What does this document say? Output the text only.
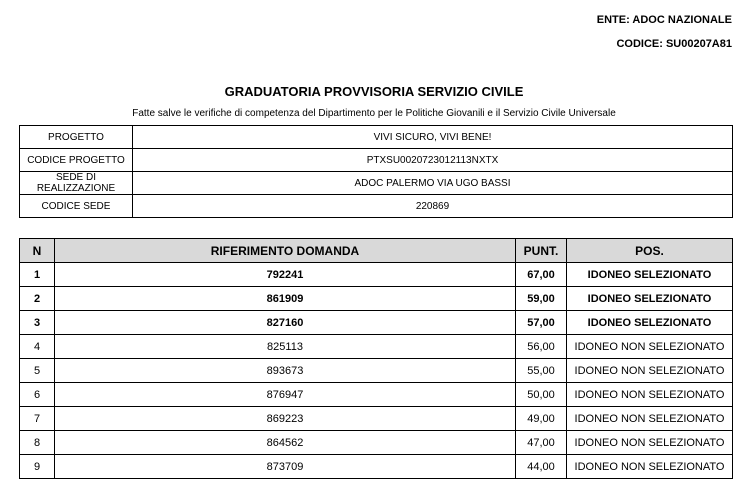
ENTE: ADOC NAZIONALE
CODICE: SU00207A81
GRADUATORIA PROVVISORIA SERVIZIO CIVILE
Fatte salve le verifiche di competenza del Dipartimento per le Politiche Giovanili e il Servizio Civile Universale
PROGETTO	VIVI SICURO, VIVI BENE!
CODICE PROGETTO	PTXSU0020723012113NXTX
SEDE DI REALIZZAZIONE	ADOC PALERMO VIA UGO BASSI
CODICE SEDE	220869
N	RIFERIMENTO DOMANDA	PUNT.	POS.
1	792241	67,00	IDONEO SELEZIONATO
2	861909	59,00	IDONEO SELEZIONATO
3	827160	57,00	IDONEO SELEZIONATO
4	825113	56,00	IDONEO NON SELEZIONATO
5	893673	55,00	IDONEO NON SELEZIONATO
6	876947	50,00	IDONEO NON SELEZIONATO
7	869223	49,00	IDONEO NON SELEZIONATO
8	864562	47,00	IDONEO NON SELEZIONATO
9	873709	44,00	IDONEO NON SELEZIONATO
